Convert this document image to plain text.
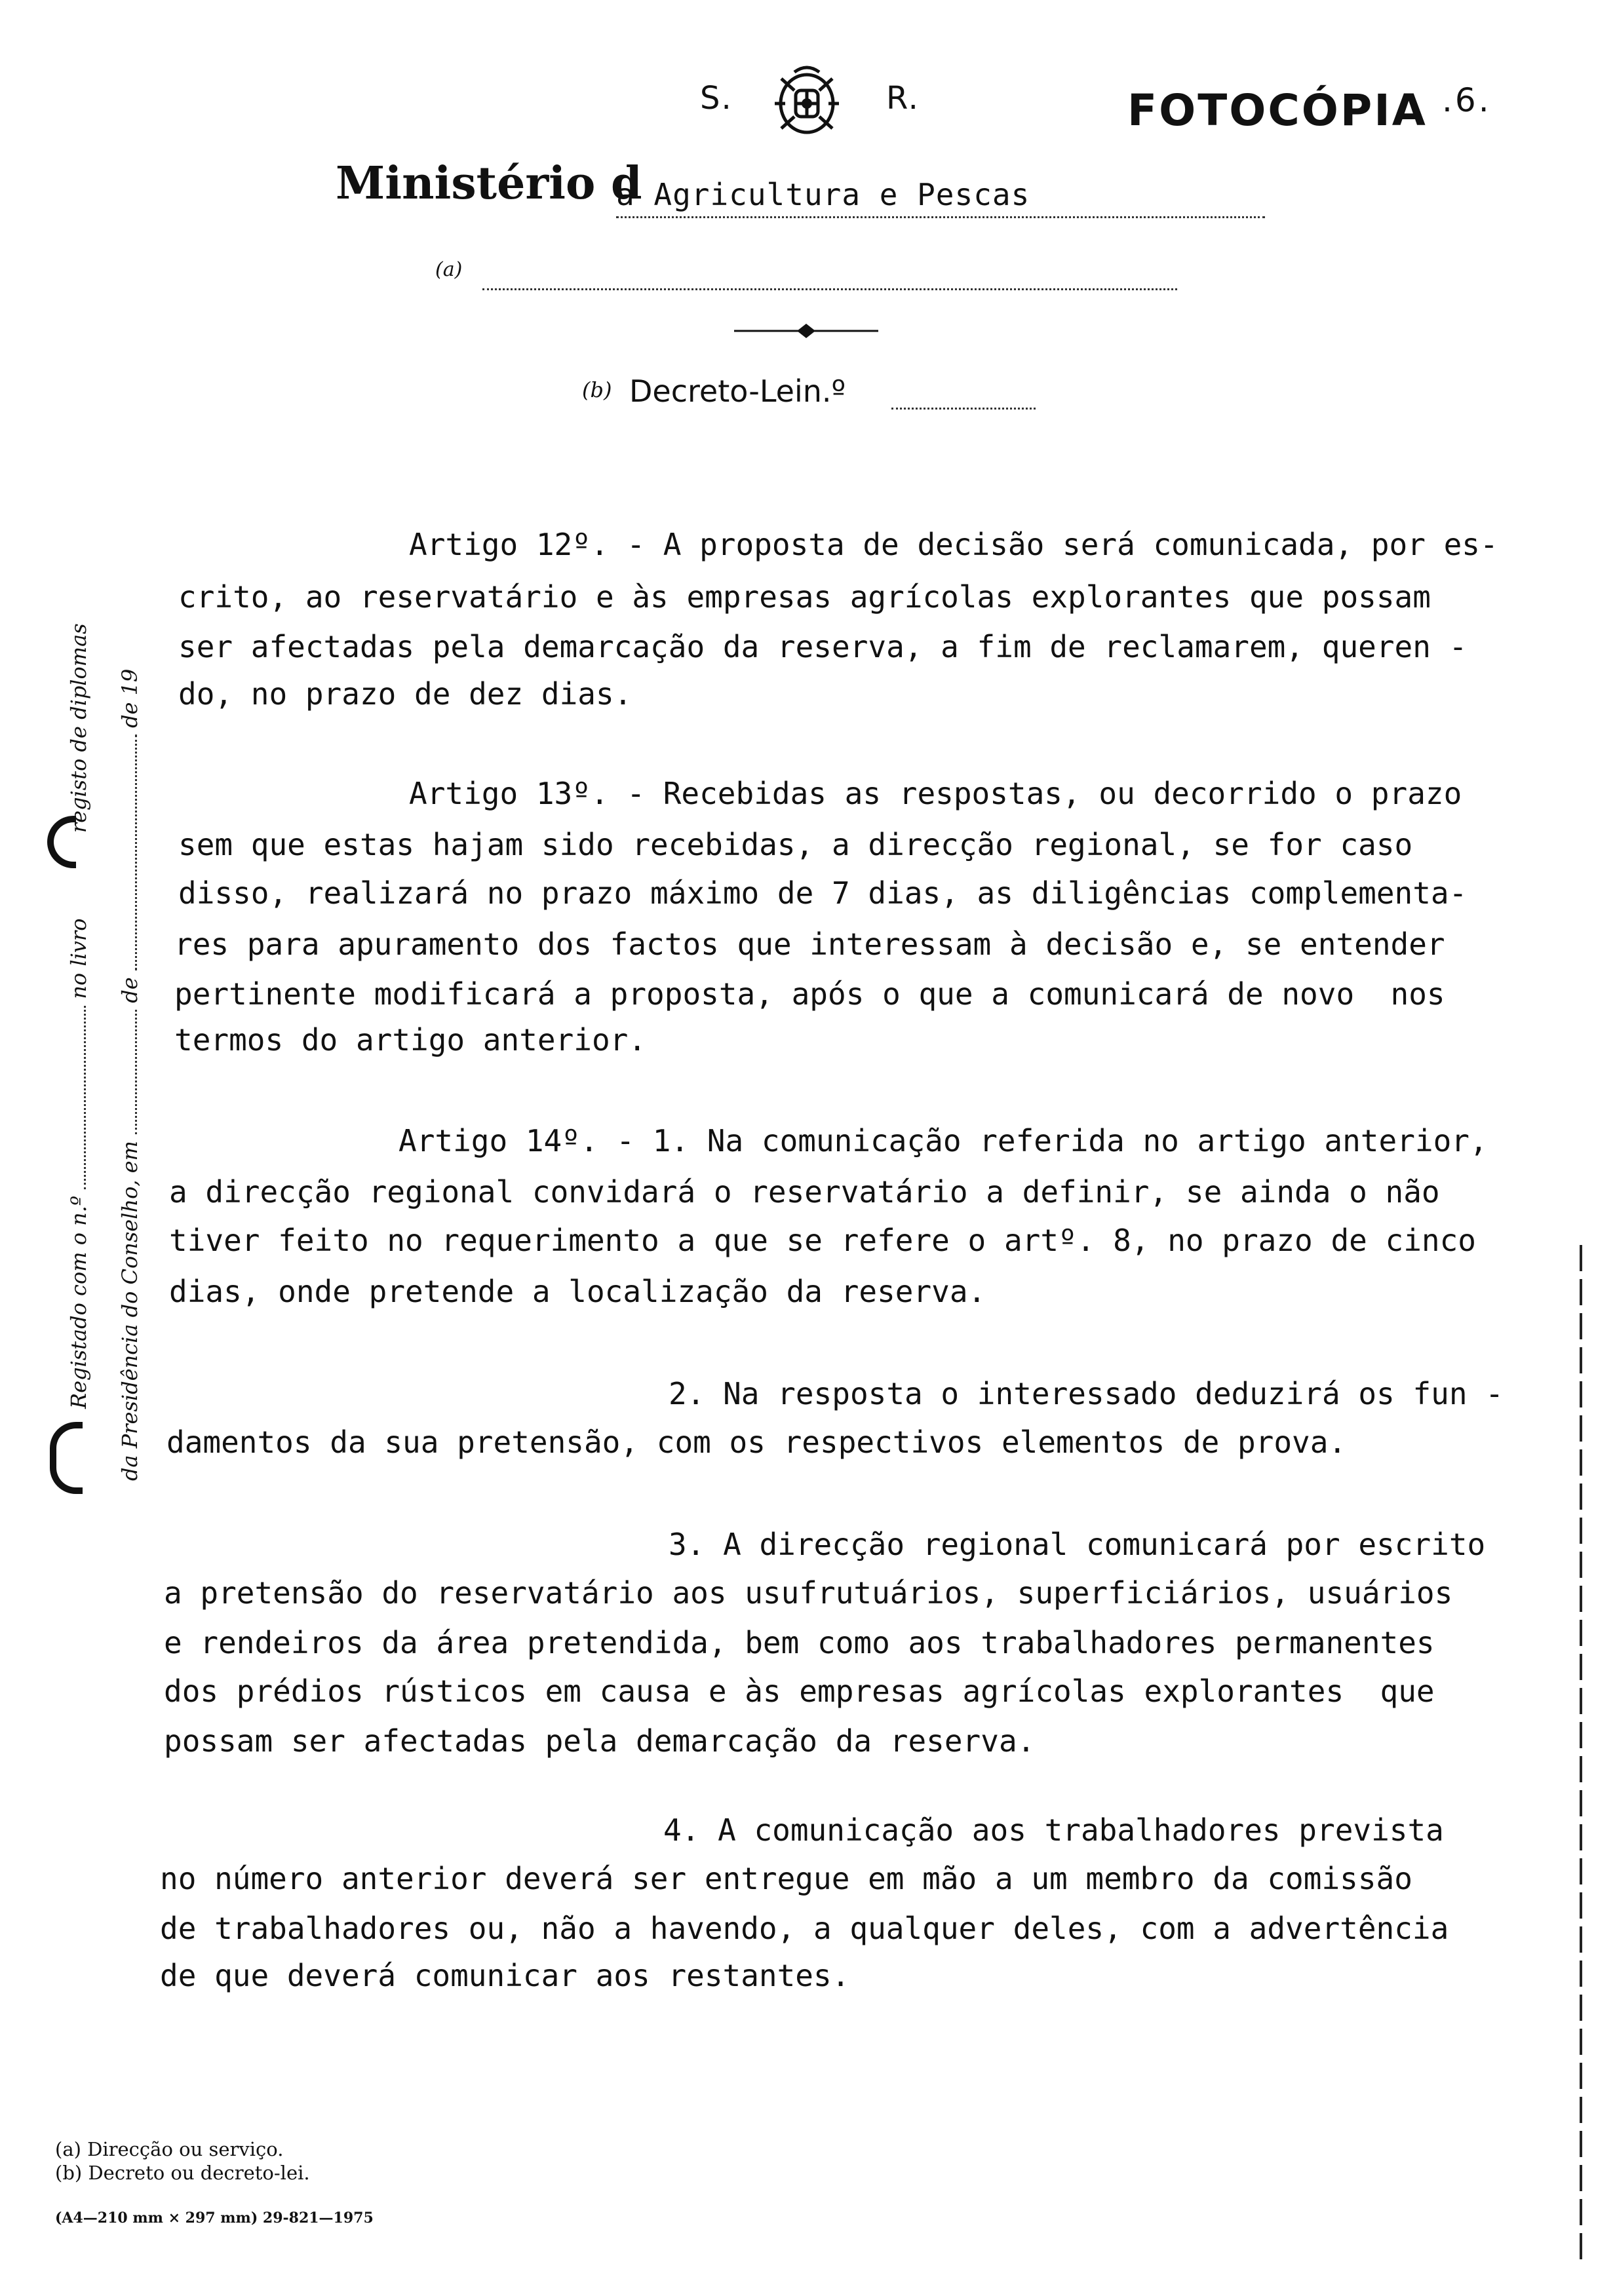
S.	R.	FOTOCÓPIA .6.
Ministério d
a Agricultura e Pescas
(a)
(b) Decreto-Lein.º
Registado com o n.º  no livro  registo de diplomas
da Presidência do Conselho, em  de  de 19
Artigo 12º. - A proposta de decisão será comunicada, por es-
crito, ao reservatário e às empresas agrícolas explorantes que possam
ser afectadas pela demarcação da reserva, a fim de reclamarem, queren -
do, no prazo de dez dias.
Artigo 13º. - Recebidas as respostas, ou decorrido o prazo
sem que estas hajam sido recebidas, a direcção regional, se for caso
disso, realizará no prazo máximo de 7 dias, as diligências complementa-
res para apuramento dos factos que interessam à decisão e, se entender
pertinente modificará a proposta, após o que a comunicará de novo  nos
termos do artigo anterior.
Artigo 14º. - 1. Na comunicação referida no artigo anterior,
a direcção regional convidará o reservatário a definir, se ainda o não
tiver feito no requerimento a que se refere o artº. 8, no prazo de cinco
dias, onde pretende a localização da reserva.
2. Na resposta o interessado deduzirá os fun -
damentos da sua pretensão, com os respectivos elementos de prova.
3. A direcção regional comunicará por escrito
a pretensão do reservatário aos usufrutuários, superficiários, usuários
e rendeiros da área pretendida, bem como aos trabalhadores permanentes
dos prédios rústicos em causa e às empresas agrícolas explorantes  que
possam ser afectadas pela demarcação da reserva.
4. A comunicação aos trabalhadores prevista
no número anterior deverá ser entregue em mão a um membro da comissão
de trabalhadores ou, não a havendo, a qualquer deles, com a advertência
de que deverá comunicar aos restantes.
(a) Direcção ou serviço.
(b) Decreto ou decreto-lei.
(A4—210 mm × 297 mm) 29-821—1975
